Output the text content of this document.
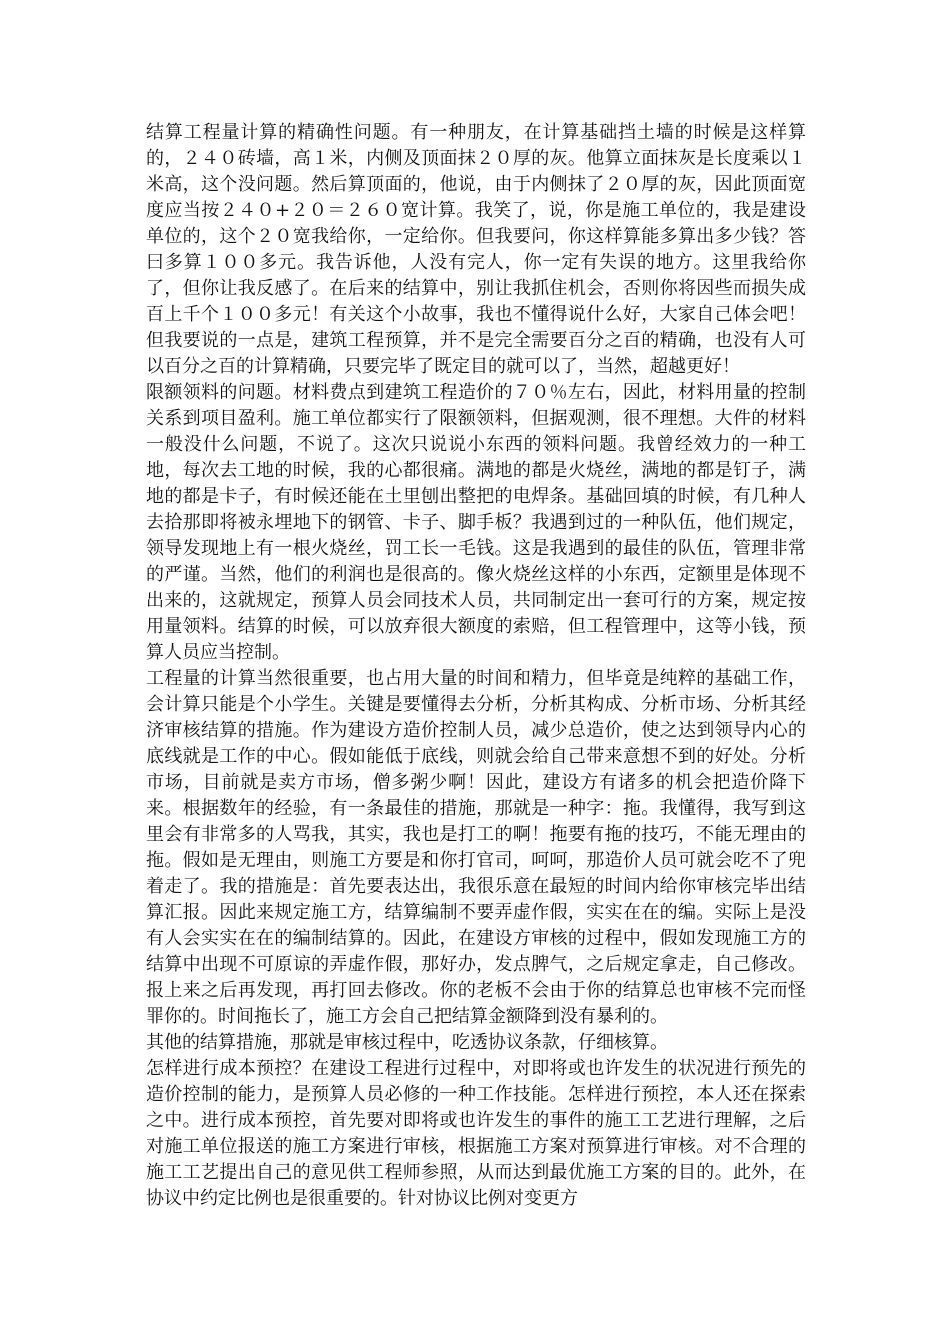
结算工程量计算的精确性问题。有一种朋友，在计算基础挡土墙的时候是这样算的，２４０砖墙，高１米，内侧及顶面抹２０厚的灰。他算立面抹灰是长度乘以１米高，这个没问题。然后算顶面的，他说，由于内侧抹了２０厚的灰，因此顶面宽度应当按２４０+２０＝２６０宽计算。我笑了，说，你是施工单位的，我是建设单位的，这个２０宽我给你，一定给你。但我要问，你这样算能多算出多少钱？答曰多算１００多元。我告诉他，人没有完人，你一定有失误的地方。这里我给你了，但你让我反感了。在后来的结算中，别让我抓住机会，否则你将因些而损失成百上千个１００多元！有关这个小故事，我也不懂得说什么好，大家自己体会吧！但我要说的一点是，建筑工程预算，并不是完全需要百分之百的精确，也没有人可以百分之百的计算精确，只要完毕了既定目的就可以了，当然，超越更好！

限额领料的问题。材料费点到建筑工程造价的７０％左右，因此，材料用量的控制关系到项目盈利。施工单位都实行了限额领料，但据观测，很不理想。大件的材料一般没什么问题，不说了。这次只说说小东西的领料问题。我曾经效力的一种工地，每次去工地的时候，我的心都很痛。满地的都是火烧丝，满地的都是钉子，满地的都是卡子，有时候还能在土里刨出整把的电焊条。基础回填的时候，有几种人去拾那即将被永埋地下的钢管、卡子、脚手板？我遇到过的一种队伍，他们规定，领导发现地上有一根火烧丝，罚工长一毛钱。这是我遇到的最佳的队伍，管理非常的严谨。当然，他们的利润也是很高的。像火烧丝这样的小东西，定额里是体现不出来的，这就规定，预算人员会同技术人员，共同制定出一套可行的方案，规定按用量领料。结算的时候，可以放弃很大额度的索赔，但工程管理中，这等小钱，预算人员应当控制。

工程量的计算当然很重要，也占用大量的时间和精力，但毕竟是纯粹的基础工作，会计算只能是个小学生。关键是要懂得去分析，分析其构成、分析市场、分析其经济审核结算的措施。作为建设方造价控制人员，减少总造价，使之达到领导内心的底线就是工作的中心。假如能低于底线，则就会给自己带来意想不到的好处。分析市场，目前就是卖方市场，僧多粥少啊！因此，建设方有诸多的机会把造价降下来。根据数年的经验，有一条最佳的措施，那就是一种字：拖。我懂得，我写到这里会有非常多的人骂我，其实，我也是打工的啊！拖要有拖的技巧，不能无理由的拖。假如是无理由，则施工方要是和你打官司，呵呵，那造价人员可就会吃不了兜着走了。我的措施是：首先要表达出，我很乐意在最短的时间内给你审核完毕出结算汇报。因此来规定施工方，结算编制不要弄虚作假，实实在在的编。实际上是没有人会实实在在的编制结算的。因此，在建设方审核的过程中，假如发现施工方的结算中出现不可原谅的弄虚作假，那好办，发点脾气，之后规定拿走，自己修改。报上来之后再发现，再打回去修改。你的老板不会由于你的结算总也审核不完而怪罪你的。时间拖长了，施工方会自己把结算金额降到没有暴利的。

其他的结算措施，那就是审核过程中，吃透协议条款，仔细核算。

怎样进行成本预控？在建设工程进行过程中，对即将或也许发生的状况进行预先的造价控制的能力，是预算人员必修的一种工作技能。怎样进行预控，本人还在探索之中。进行成本预控，首先要对即将或也许发生的事件的施工工艺进行理解，之后对施工单位报送的施工方案进行审核，根据施工方案对预算进行审核。对不合理的施工工艺提出自己的意见供工程师参照，从而达到最优施工方案的目的。此外，在协议中约定比例也是很重要的。针对协议比例对变更方
